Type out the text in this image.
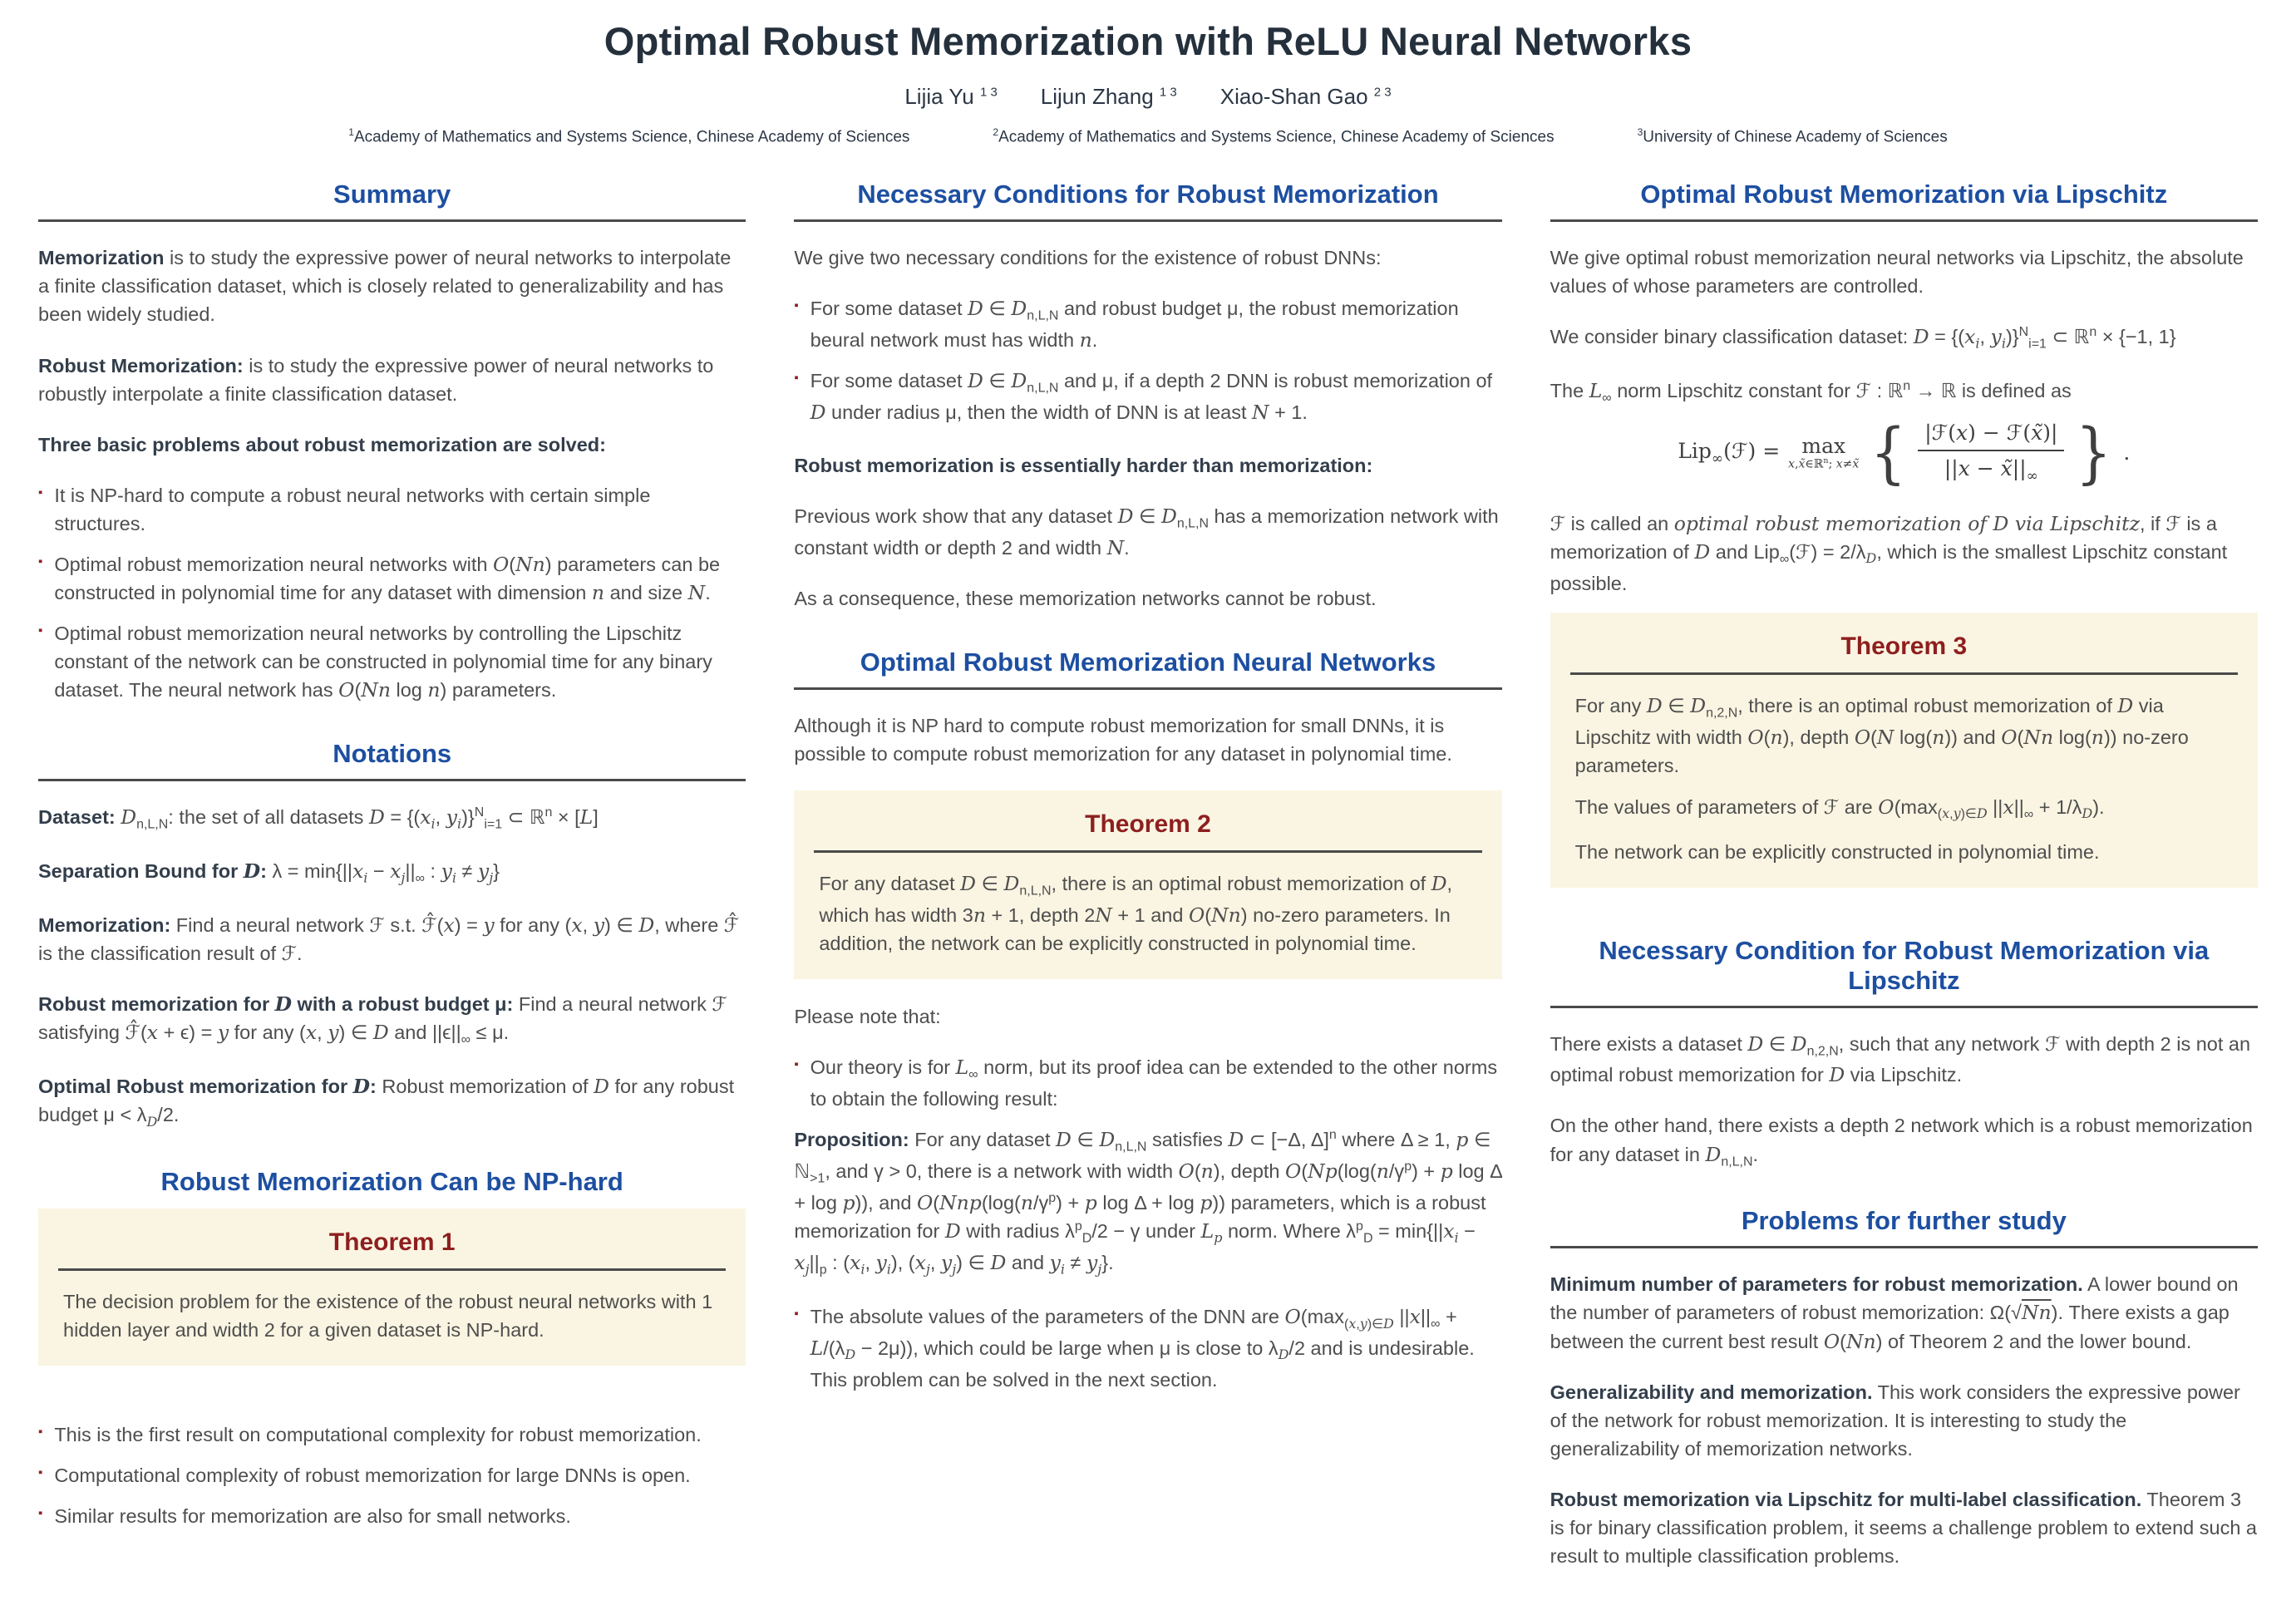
Optimal Robust Memorization with ReLU Neural Networks
Lijia Yu $^{1 3}$ Lijun Zhang $^{1 3}$ Xiao-Shan Gao $^{2 3}$
$^1$Academy of Mathematics and Systems Science, Chinese Academy of Sciences	$^2$Academy of Mathematics and Systems Science, Chinese Academy of Sciences	$^3$University of Chinese Academy of Sciences
Summary

Memorization is to study the expressive power of neural networks to interpolate a finite classification dataset, which is closely related to generalizability and has been widely studied.

Robust Memorization: is to study the expressive power of neural networks to robustly interpolate a finite classification dataset.

Three basic problems about robust memorization are solved:

▪ It is NP-hard to compute a robust neural networks with certain simple structures.
▪ Optimal robust memorization neural networks with O(Nn) parameters can be constructed in polynomial time for any dataset with dimension n and size N.
▪ Optimal robust memorization neural networks by controlling the Lipschitz constant of the network can be constructed in polynomial time for any binary dataset. The neural network has O(Nn log n) parameters.
Notations

Dataset: $D_{n,L,N}$: the set of all datasets $D = \{(x_i$, $y_i)\}^N_{i=1}$ ⊂ ℝ$^n$ × [L]

Separation Bound for D: $\lambda = \min\{||x_i - x_j||_\infty$ : $y_i \ne y_j$}

Memorization: Find a neural network ℱ s.t. ℱ̂(x) = y for any (x, y) ∈ D, where ℱ̂ is the classification result of ℱ.

Robust memorization for D with a robust budget μ: Find a neural network ℱ satisfying ℱ̂(x + ϵ) = y for any (x, y) ∈ D and $||\epsilon||_\infty \le \mu$.

Optimal Robust memorization for D: Robust memorization of D for any robust budget $\mu < \lambda_D/2$.

Robust Memorization Can be NP-hard
Theorem 1

The decision problem for the existence of the robust neural networks with 1 hidden layer and width 2 for a given dataset is NP-hard.

▪ This is the first result on computational complexity for robust memorization.
▪ Computational complexity of robust memorization for large DNNs is open.
▪ Similar results for memorization are also for small networks.
Necessary Conditions for Robust Memorization

We give two necessary conditions for the existence of robust DNNs:

▪ For some dataset D ∈ $D_{n,L,N}$ and robust budget μ, the robust memorization beural network must has width n.
▪ For some dataset D ∈ $D_{n,L,N}$ and μ, if a depth 2 DNN is robust memorization of D under radius μ, then the width of DNN is at least N + 1.

Robust memorization is essentially harder than memorization:

Previous work show that any dataset D ∈ $D_{n,L,N}$ has a memorization network with constant width or depth 2 and width N.

As a consequence, these memorization networks cannot be robust.

Optimal Robust Memorization Neural Networks

Although it is NP hard to compute robust memorization for small DNNs, it is possible to compute robust memorization for any dataset in polynomial time.

Theorem 2

For any dataset D ∈ $D_{n,L,N}$, there is an optimal robust memorization of D, which has width 3n + 1, depth 2N + 1 and O(Nn) no-zero parameters. In addition, the network can be explicitly constructed in polynomial time.

Please note that:

▪ Our theory is for $L_\infty$ norm, but its proof idea can be extended to the other norms to obtain the following result:

Proposition: For any dataset D ∈ $D_{n,L,N}$ satisfies D ⊂ [−Δ, Δ]$^n$ where Δ ≥ 1, p ∈ ℕ$_{>1}$, and γ > 0, there is a network with width O(n), depth $O(Np(\log(n/\gamma^p) + p$ log Δ + log p)), and $O(Nnp(\log(n/\gamma^p) + p$ log Δ + log p)) parameters, which is a robust memorization for D with radius $\lambda^p_D/2 - \gamma$ under $L_p$ norm. Where $\lambda^p_D = \min\{||x_i - x_j||_p$ : ($x_i$, $y_i$), ($x_j$, $y_j$) ∈ D and $y_i \ne y_j$}.

▪ The absolute values of the parameters of the DNN are $O(\max_{(x,y)\in D}$ $||x||_\infty + L/(\lambda_D - 2\mu)$), which could be large when μ is close to $\lambda_D/2$ and is undesirable. This problem can be solved in the next section.
Optimal Robust Memorization via Lipschitz

We give optimal robust memorization neural networks via Lipschitz, the absolute values of whose parameters are controlled.

We consider binary classification dataset: $D = \{(x_i$, $y_i)\}^N_{i=1}$ ⊂ ℝ$^n$ × {−1, 1}

The $L_\infty$ norm Lipschitz constant for ℱ : ℝ$^n$ → ℝ is defined as

Lip$_\infty$(ℱ) = max
x,x̃∈ℝ$^n$; x≠x̃ { $\frac{\text{|ℱ(x) − ℱ(x̃)|}}{||x - x̃||_\infty}$ } .

ℱ is called an optimal robust memorization of D via Lipschitz, if ℱ is a memorization of D and Lip$_\infty$(ℱ) = $2/\lambda_D$, which is the smallest Lipschitz constant possible.

Theorem 3

For any D ∈ $D_{n,2,N}$, there is an optimal robust memorization of D via Lipschitz with width O(n), depth O(N log(n)) and O(Nn log(n)) no-zero parameters.

The values of parameters of ℱ are $O(\max_{(x,y)\in D}$ $||x||_\infty + 1/\lambda_D$).

The network can be explicitly constructed in polynomial time.

Necessary Condition for Robust Memorization via Lipschitz

There exists a dataset D ∈ $D_{n,2,N}$, such that any network ℱ with depth 2 is not an optimal robust memorization for D via Lipschitz.

On the other hand, there exists a depth 2 network which is a robust memorization for any dataset in $D_{n,L,N}$.

Problems for further study

Minimum number of parameters for robust memorization. A lower bound on the number of parameters of robust memorization: Ω(√Nn). There exists a gap between the current best result O(Nn) of Theorem 2 and the lower bound.

Generalizability and memorization. This work considers the expressive power of the network for robust memorization. It is interesting to study the generalizability of memorization networks.

Robust memorization via Lipschitz for multi-label classification. Theorem 3 is for binary classification problem, it seems a challenge problem to extend such a result to multiple classification problems.
